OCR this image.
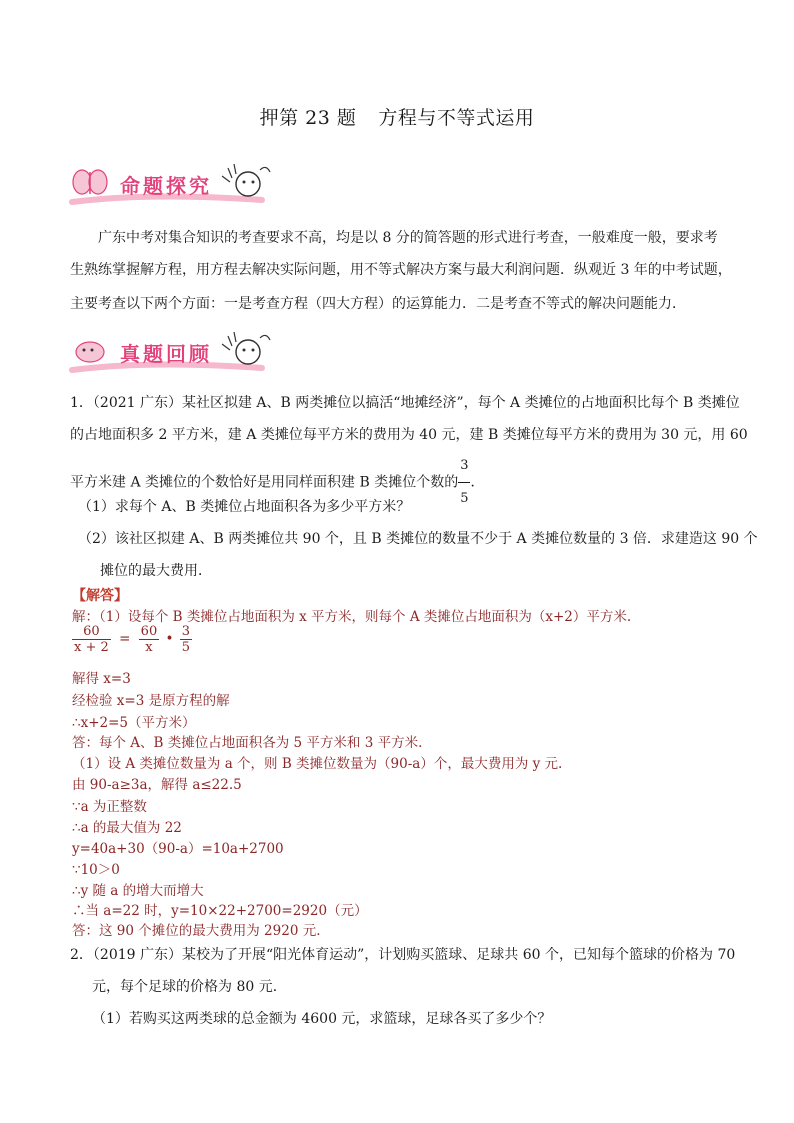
押第 23 题 方程与不等式运用
命题探究
广东中考对集合知识的考查要求不高，均是以 8 分的简答题的形式进行考查，一般难度一般，要求考
生熟练掌握解方程，用方程去解决实际问题，用不等式解决方案与最大利润问题．纵观近 3 年的中考试题，
主要考查以下两个方面：一是考查方程（四大方程）的运算能力．二是考查不等式的解决问题能力．
真题回顾
1．（2021 广东）某社区拟建 A、B 两类摊位以搞活“地摊经济”，每个 A 类摊位的占地面积比每个 B 类摊位
的占地面积多 2 平方米，建 A 类摊位每平方米的费用为 40 元，建 B 类摊位每平方米的费用为 30 元，用 60
平方米建 A 类摊位的个数恰好是用同样面积建 B 类摊位个数的 $\frac{3}{5}$ ．
（1）求每个 A、B 类摊位占地面积各为多少平方米？
（2）该社区拟建 A、B 两类摊位共 90 个，且 B 类摊位的数量不少于 A 类摊位数量的 3 倍．求建造这 90 个
摊位的最大费用．
【解答】
解：（1）设每个 B 类摊位占地面积为 x 平方米，则每个 A 类摊位占地面积为（x+2）平方米.
$\frac{60}{x + 2} = \frac{60}{x}$ • $\frac{3}{5}$
解得 x=3
经检验 x=3 是原方程的解
∴x+2=5（平方米）
答：每个 A、B 类摊位占地面积各为 5 平方米和 3 平方米.
（1）设 A 类摊位数量为 a 个，则 B 类摊位数量为（90-a）个，最大费用为 y 元.
由 90-a≥3a，解得 a≤22.5
∵a 为正整数
∴a 的最大值为 22
y=40a+30（90-a）=10a+2700
∵10＞0
∴y 随 a 的增大而增大
∴当 a=22 时，y=10×22+2700=2920（元）
答：这 90 个摊位的最大费用为 2920 元.
2．（2019 广东）某校为了开展“阳光体育运动”，计划购买篮球、足球共 60 个，已知每个篮球的价格为 70
元，每个足球的价格为 80 元．
（1）若购买这两类球的总金额为 4600 元，求篮球，足球各买了多少个？
